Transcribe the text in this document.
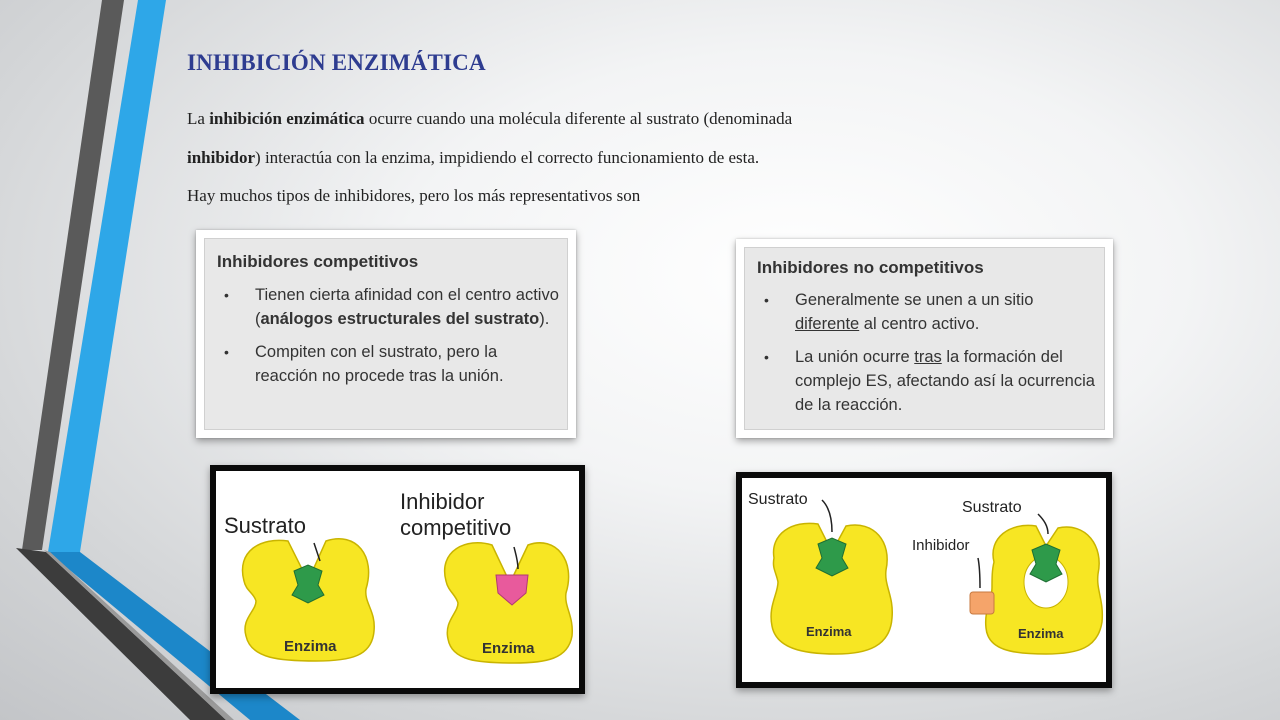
INHIBICIÓN ENZIMÁTICA

La inhibición enzimática ocurre cuando una molécula diferente al sustrato (denominada

inhibidor) interactúa con la enzima, impidiendo el correcto funcionamiento de esta.

Hay muchos tipos de inhibidores, pero los más representativos son

Inhibidores competitivos
• Tienen cierta afinidad con el centro activo (análogos estructurales del sustrato).
• Compiten con el sustrato, pero la reacción no procede tras la unión.
Inhibidores no competitivos
• Generalmente se unen a un sitio diferente al centro activo.
• La unión ocurre tras la formación del complejo ES, afectando así la ocurrencia de la reacción.
Sustrato
Enzima
Inhibidor
competitivo
Enzima
Sustrato
Enzima
Sustrato
Inhibidor
Enzima
